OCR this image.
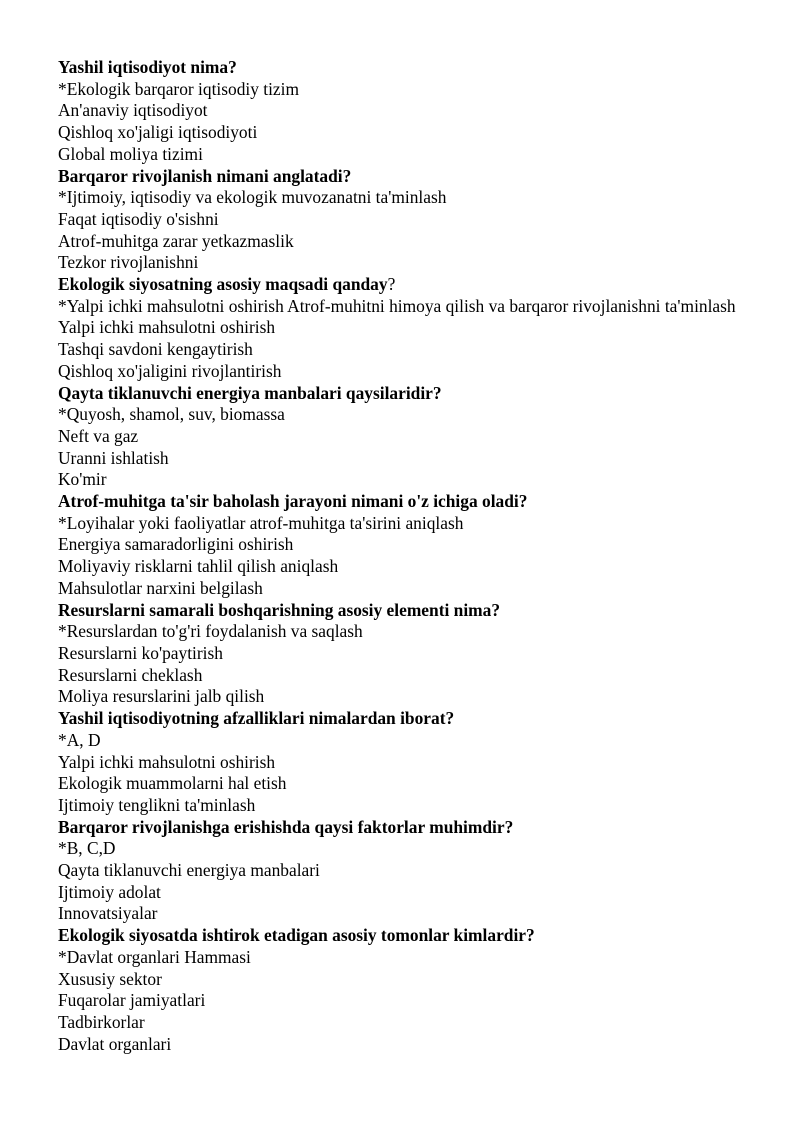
Yashil iqtisodiyot nima?

*Ekologik barqaror iqtisodiy tizim

An'anaviy iqtisodiyot

Qishloq xo'jaligi iqtisodiyoti

Global moliya tizimi

Barqaror rivojlanish nimani anglatadi?

*Ijtimoiy, iqtisodiy va ekologik muvozanatni ta'minlash

Faqat iqtisodiy o'sishni

Atrof-muhitga zarar yetkazmaslik

Tezkor rivojlanishni

Ekologik siyosatning asosiy maqsadi qanday?

*Yalpi ichki mahsulotni oshirish Atrof-muhitni himoya qilish va barqaror rivojlanishni ta'minlash

Yalpi ichki mahsulotni oshirish

Tashqi savdoni kengaytirish

Qishloq xo'jaligini rivojlantirish

Qayta tiklanuvchi energiya manbalari qaysilaridir?

*Quyosh, shamol, suv, biomassa

Neft va gaz

Uranni ishlatish

Ko'mir

Atrof-muhitga ta'sir baholash jarayoni nimani o'z ichiga oladi?

*Loyihalar yoki faoliyatlar atrof-muhitga ta'sirini aniqlash

Energiya samaradorligini oshirish

Moliyaviy risklarni tahlil qilish aniqlash

Mahsulotlar narxini belgilash

Resurslarni samarali boshqarishning asosiy elementi nima?

*Resurslardan to'g'ri foydalanish va saqlash

Resurslarni ko'paytirish

Resurslarni cheklash

Moliya resurslarini jalb qilish

Yashil iqtisodiyotning afzalliklari nimalardan iborat?

*A, D

Yalpi ichki mahsulotni oshirish

Ekologik muammolarni hal etish

Ijtimoiy tenglikni ta'minlash

Barqaror rivojlanishga erishishda qaysi faktorlar muhimdir?

*B, C,D

Qayta tiklanuvchi energiya manbalari

Ijtimoiy adolat

Innovatsiyalar

Ekologik siyosatda ishtirok etadigan asosiy tomonlar kimlardir?

*Davlat organlari Hammasi

Xususiy sektor

Fuqarolar jamiyatlari

Tadbirkorlar

Davlat organlari
